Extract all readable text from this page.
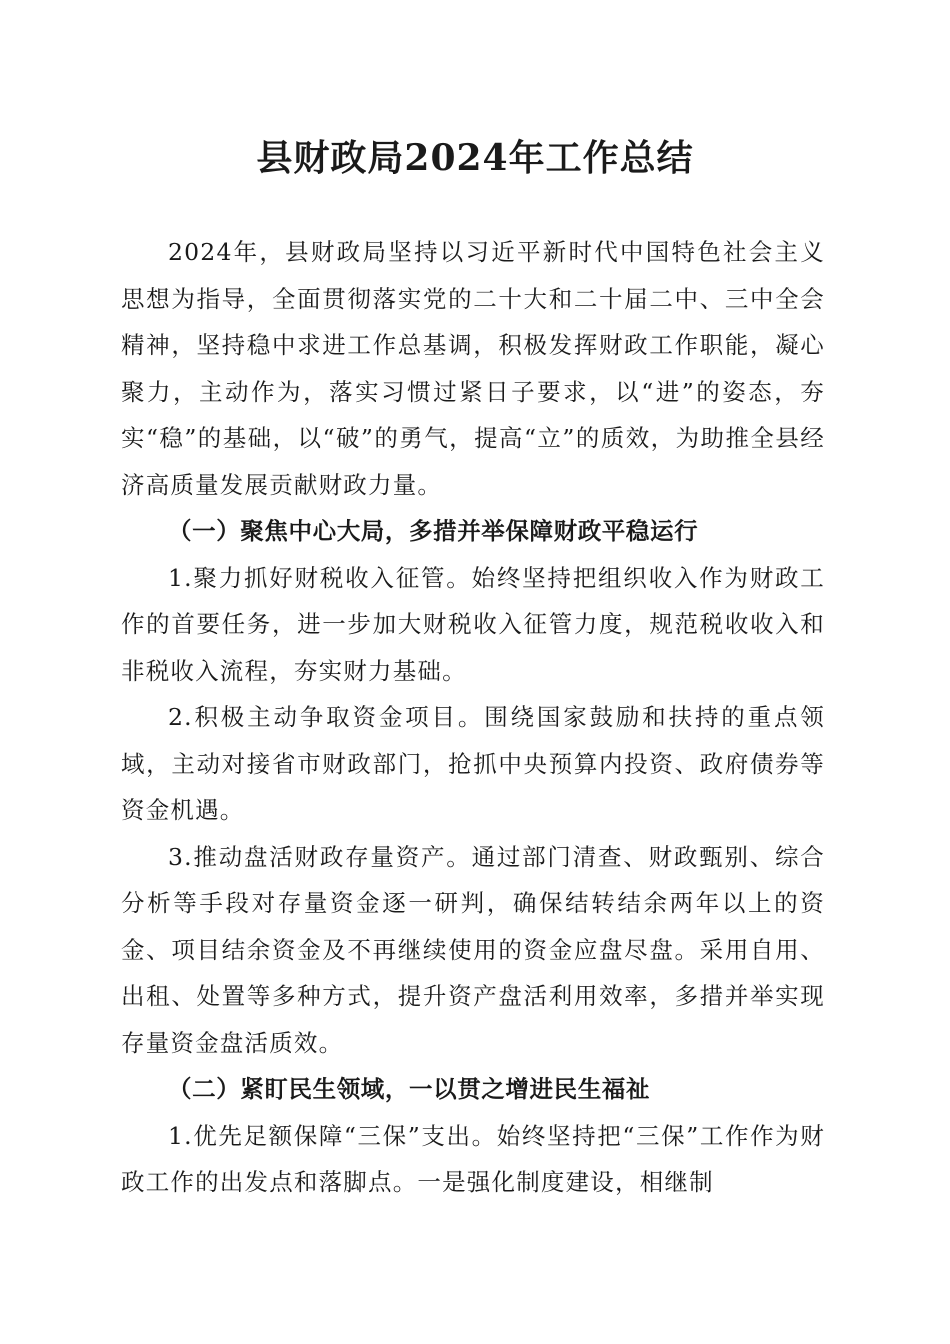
县财政局2024年工作总结

2024年，县财政局坚持以习近平新时代中国特色社会主义思想为指导，全面贯彻落实党的二十大和二十届二中、三中全会精神，坚持稳中求进工作总基调，积极发挥财政工作职能，凝心聚力，主动作为，落实习惯过紧日子要求，以“进”的姿态，夯实“稳”的基础，以“破”的勇气，提高“立”的质效，为助推全县经济高质量发展贡献财政力量。

（一）聚焦中心大局，多措并举保障财政平稳运行

1.聚力抓好财税收入征管。始终坚持把组织收入作为财政工作的首要任务，进一步加大财税收入征管力度，规范税收收入和非税收入流程，夯实财力基础。

2.积极主动争取资金项目。围绕国家鼓励和扶持的重点领域，主动对接省市财政部门，抢抓中央预算内投资、政府债券等资金机遇。

3.推动盘活财政存量资产。通过部门清查、财政甄别、综合分析等手段对存量资金逐一研判，确保结转结余两年以上的资金、项目结余资金及不再继续使用的资金应盘尽盘。采用自用、出租、处置等多种方式，提升资产盘活利用效率，多措并举实现存量资金盘活质效。

（二）紧盯民生领域，一以贯之增进民生福祉

1.优先足额保障“三保”支出。始终坚持把“三保”工作作为财政工作的出发点和落脚点。一是强化制度建设，相继制
